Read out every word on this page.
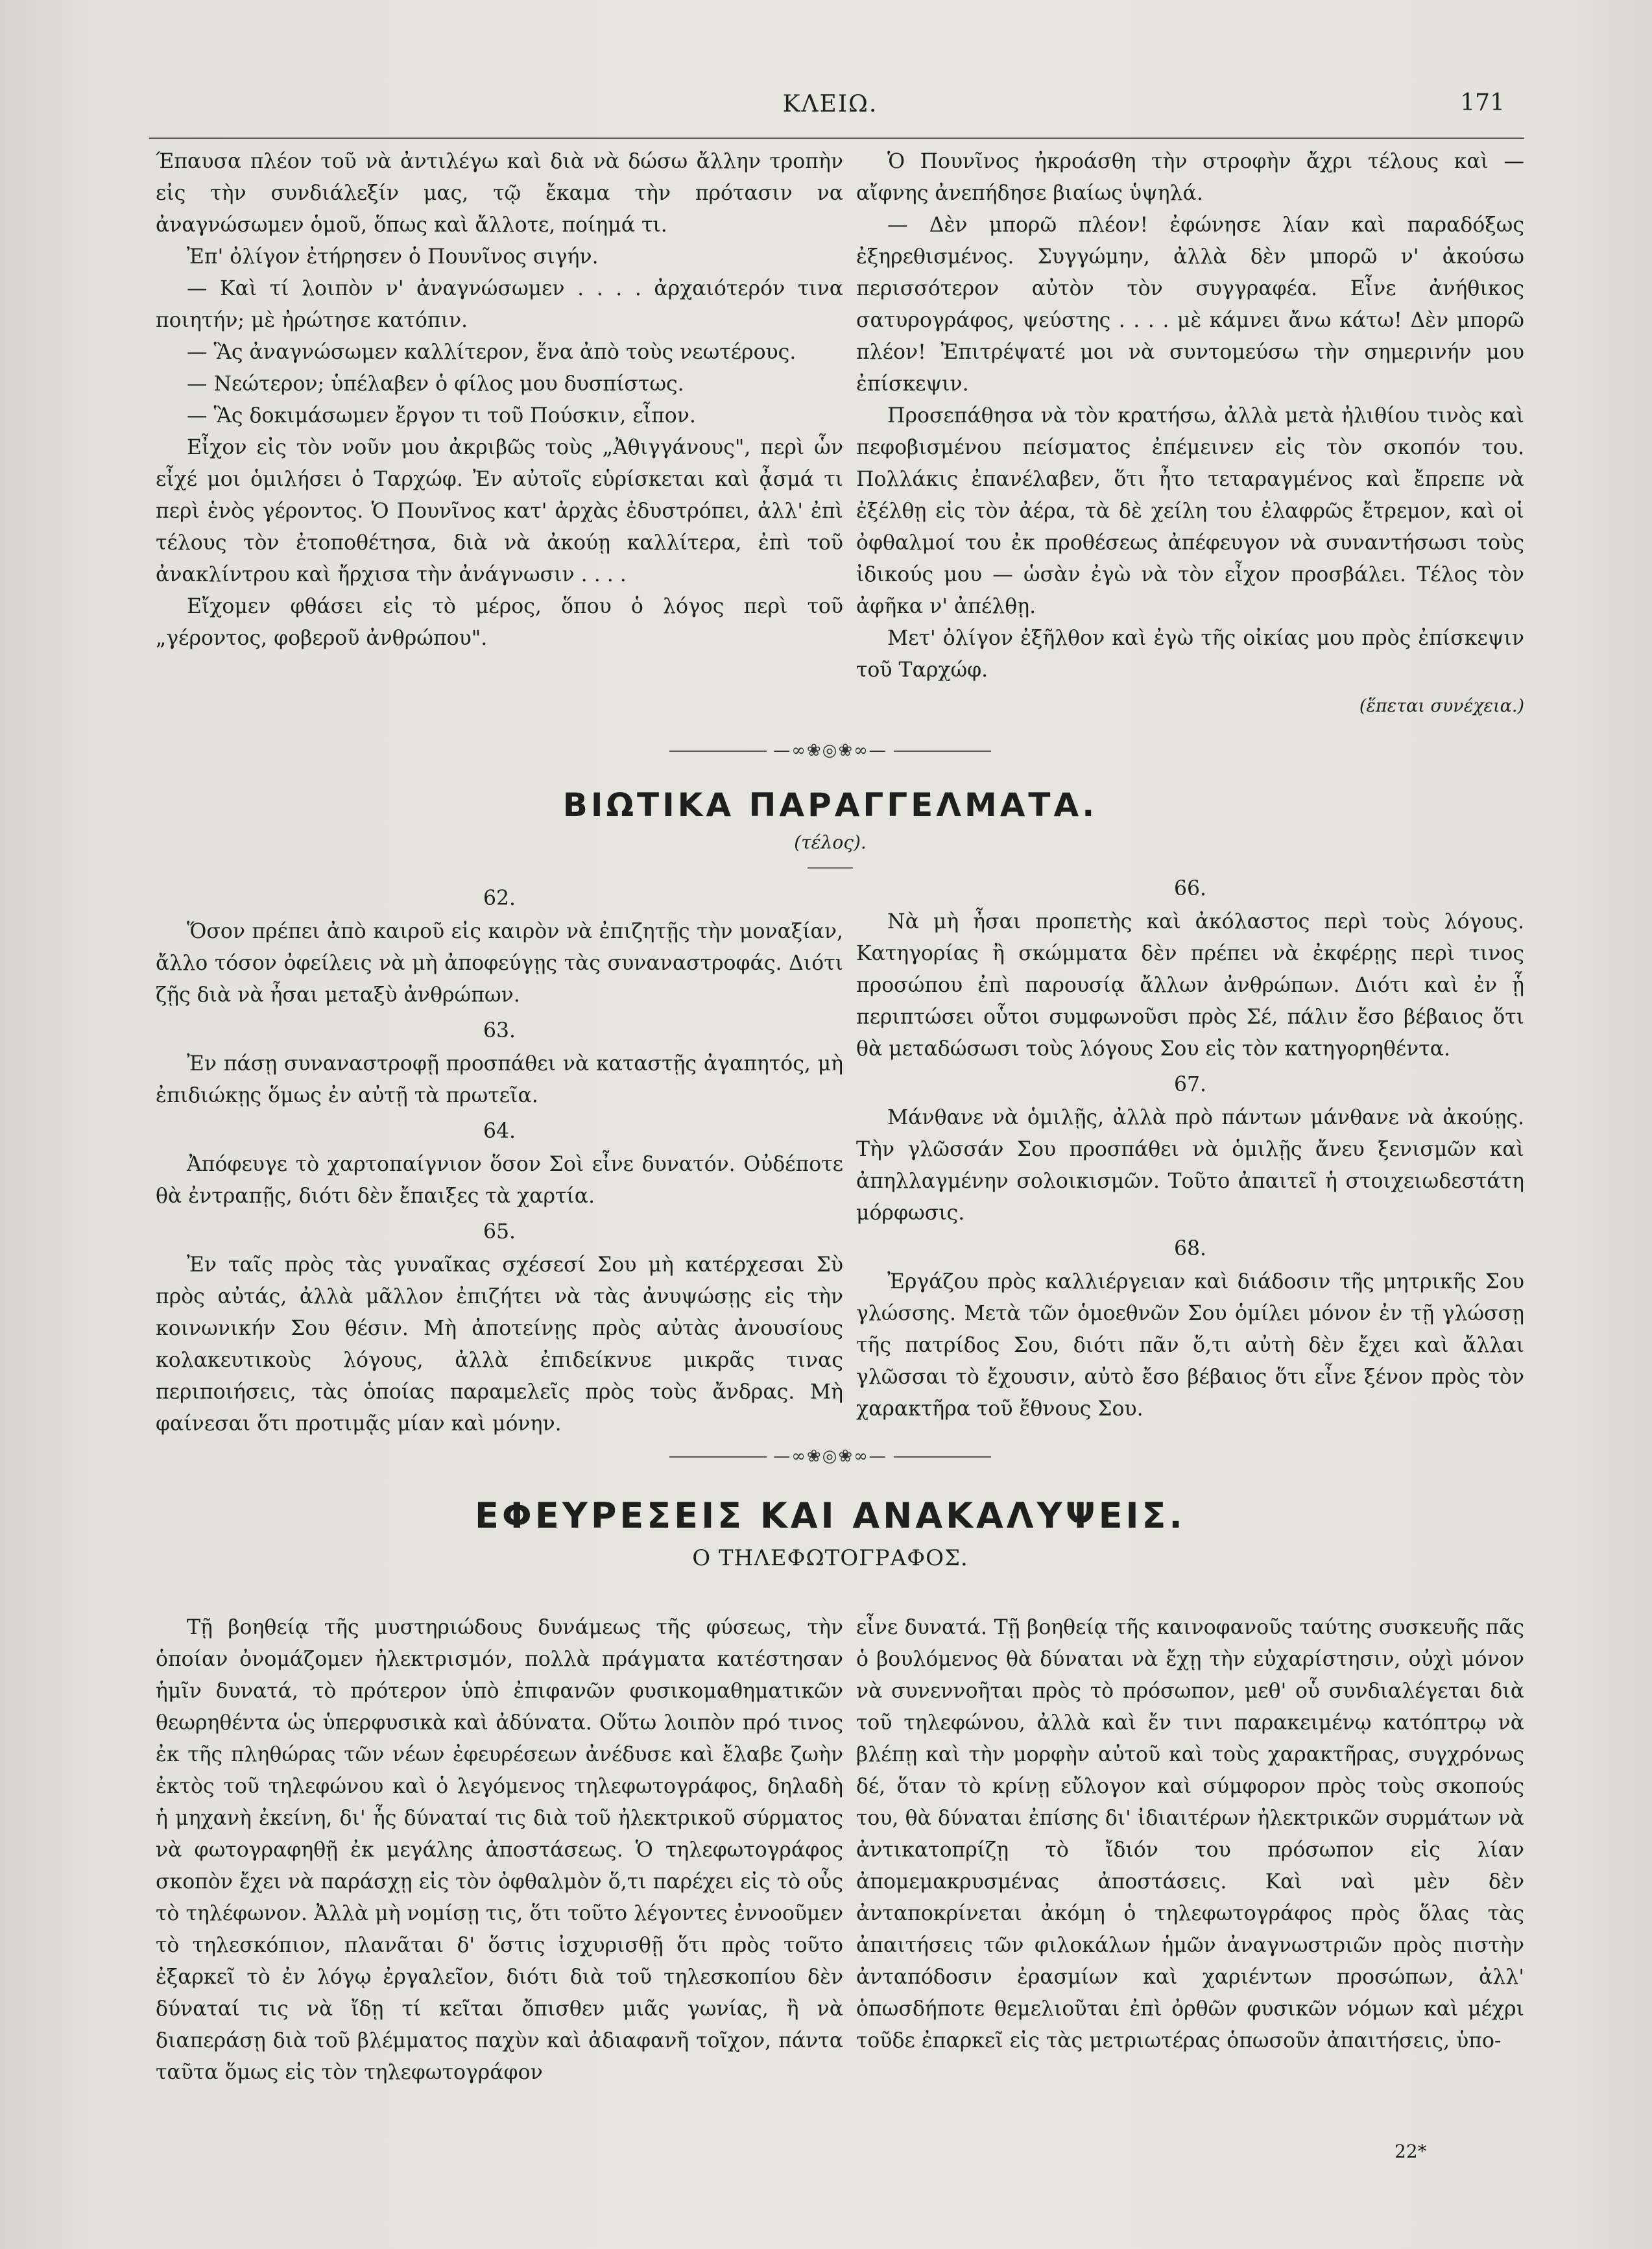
ΚΛΕΙΩ.	171

Έπαυσα πλέον τοῦ νὰ ἀντιλέγω καὶ διὰ νὰ δώσω ἄλλην τροπὴν εἰς τὴν συνδιάλεξίν μας, τῷ ἔκαμα τὴν πρότασιν να ἀναγνώσωμεν ὁμοῦ, ὅπως καὶ ἄλλοτε, ποίημά τι.

Ἐπ' ὀλίγον ἐτήρησεν ὁ Πουνῖνος σιγήν.

— Καὶ τί λοιπὸν ν' ἀναγνώσωμεν . . . . ἀρχαιότερόν τινα ποιητήν; μὲ ἠρώτησε κατόπιν.

— Ἃς ἀναγνώσωμεν καλλίτερον, ἕνα ἀπὸ τοὺς νεωτέρους.

— Νεώτερον; ὑπέλαβεν ὁ φίλος μου δυσπίστως.

— Ἃς δοκιμάσωμεν ἔργον τι τοῦ Πούσκιν, εἶπον.

Εἶχον εἰς τὸν νοῦν μου ἀκριβῶς τοὺς „Ἀθιγγάνους", περὶ ὧν εἶχέ μοι ὁμιλήσει ὁ Ταρχώφ. Ἐν αὐτοῖς εὑρίσκεται καὶ ᾆσμά τι περὶ ἑνὸς γέροντος. Ὁ Πουνῖνος κατ' ἀρχὰς ἐδυστρόπει, ἀλλ' ἐπὶ τέλους τὸν ἐτοποθέτησα, διὰ νὰ ἀκούῃ καλλίτερα, ἐπὶ τοῦ ἀνακλίντρου καὶ ἤρχισα τὴν ἀνάγνωσιν . . . .

Εἴχομεν φθάσει εἰς τὸ μέρος, ὅπου ὁ λόγος περὶ τοῦ „γέροντος, φοβεροῦ ἀνθρώπου".

Ὁ Πουνῖνος ἠκροάσθη τὴν στροφὴν ἄχρι τέλους καὶ — αἴφνης ἀνεπήδησε βιαίως ὑψηλά.

— Δὲν μπορῶ πλέον! ἐφώνησε λίαν καὶ παραδόξως ἐξηρεθισμένος. Συγγώμην, ἀλλὰ δὲν μπορῶ ν' ἀκούσω περισσότερον αὐτὸν τὸν συγγραφέα. Εἶνε ἀνήθικος σατυρογράφος, ψεύστης . . . . μὲ κάμνει ἄνω κάτω! Δὲν μπορῶ πλέον! Ἐπιτρέψατέ μοι νὰ συντομεύσω τὴν σημερινήν μου ἐπίσκεψιν.

Προσεπάθησα νὰ τὸν κρατήσω, ἀλλὰ μετὰ ἠλιθίου τινὸς καὶ πεφοβισμένου πείσματος ἐπέμεινεν εἰς τὸν σκοπόν του. Πολλάκις ἐπανέλαβεν, ὅτι ἦτο τεταραγμένος καὶ ἔπρεπε νὰ ἐξέλθῃ εἰς τὸν ἀέρα, τὰ δὲ χείλη του ἐλαφρῶς ἔτρεμον, καὶ οἱ ὀφθαλμοί του ἐκ προθέσεως ἀπέφευγον νὰ συναντήσωσι τοὺς ἰδικούς μου — ὡσὰν ἐγὼ νὰ τὸν εἶχον προσβάλει. Τέλος τὸν ἀφῆκα ν' ἀπέλθῃ.

Μετ' ὀλίγον ἐξῆλθον καὶ ἐγὼ τῆς οἰκίας μου πρὸς ἐπίσκεψιν τοῦ Ταρχώφ.

(ἕπεται συνέχεια.)

—∞❀◎❀∞—
ΒΙΩΤΙΚΑ ΠΑΡΑΓΓΕΛΜΑΤΑ.
(τέλος).

62.

Ὅσον πρέπει ἀπὸ καιροῦ εἰς καιρὸν νὰ ἐπιζητῇς τὴν μοναξίαν, ἄλλο τόσον ὀφείλεις νὰ μὴ ἀποφεύγῃς τὰς συναναστροφάς. Διότι ζῇς διὰ νὰ ἦσαι μεταξὺ ἀνθρώπων.

63.

Ἐν πάσῃ συναναστροφῇ προσπάθει νὰ καταστῇς ἀγαπητός, μὴ ἐπιδιώκῃς ὅμως ἐν αὐτῇ τὰ πρωτεῖα.

64.

Ἀπόφευγε τὸ χαρτοπαίγνιον ὅσον Σοὶ εἶνε δυνατόν. Οὐδέποτε θὰ ἐντραπῇς, διότι δὲν ἔπαιξες τὰ χαρτία.

65.

Ἐν ταῖς πρὸς τὰς γυναῖκας σχέσεσί Σου μὴ κατέρχεσαι Σὺ πρὸς αὐτάς, ἀλλὰ μᾶλλον ἐπιζήτει νὰ τὰς ἀνυψώσῃς εἰς τὴν κοινωνικήν Σου θέσιν. Μὴ ἀποτείνῃς πρὸς αὐτὰς ἀνουσίους κολακευτικοὺς λόγους, ἀλλὰ ἐπιδείκνυε μικρᾶς τινας περιποιήσεις, τὰς ὁποίας παραμελεῖς πρὸς τοὺς ἄνδρας. Μὴ φαίνεσαι ὅτι προτιμᾷς μίαν καὶ μόνην.

66.

Νὰ μὴ ἦσαι προπετὴς καὶ ἀκόλαστος περὶ τοὺς λόγους. Κατηγορίας ἢ σκώμματα δὲν πρέπει νὰ ἐκφέρῃς περὶ τινος προσώπου ἐπὶ παρουσίᾳ ἄλλων ἀνθρώπων. Διότι καὶ ἐν ᾗ περιπτώσει οὗτοι συμφωνοῦσι πρὸς Σέ, πάλιν ἔσο βέβαιος ὅτι θὰ μεταδώσωσι τοὺς λόγους Σου εἰς τὸν κατηγορηθέντα.

67.

Μάνθανε νὰ ὁμιλῇς, ἀλλὰ πρὸ πάντων μάνθανε νὰ ἀκούῃς. Τὴν γλῶσσάν Σου προσπάθει νὰ ὁμιλῇς ἄνευ ξενισμῶν καὶ ἀπηλλαγμένην σολοικισμῶν. Τοῦτο ἀπαιτεῖ ἡ στοιχειωδεστάτη μόρφωσις.

68.

Ἐργάζου πρὸς καλλιέργειαν καὶ διάδοσιν τῆς μητρικῆς Σου γλώσσης. Μετὰ τῶν ὁμοεθνῶν Σου ὁμίλει μόνον ἐν τῇ γλώσσῃ τῆς πατρίδος Σου, διότι πᾶν ὅ,τι αὐτὴ δὲν ἔχει καὶ ἄλλαι γλῶσσαι τὸ ἔχουσιν, αὐτὸ ἔσο βέβαιος ὅτι εἶνε ξένον πρὸς τὸν χαρακτῆρα τοῦ ἔθνους Σου.

—∞❀◎❀∞—
ΕΦΕΥΡΕΣΕΙΣ ΚΑΙ ΑΝΑΚΑΛΥΨΕΙΣ.
Ο ΤΗΛΕΦΩΤΟΓΡΑΦΟΣ.

Τῇ βοηθείᾳ τῆς μυστηριώδους δυνάμεως τῆς φύσεως, τὴν ὁποίαν ὀνομάζομεν ἠλεκτρισμόν, πολλὰ πράγματα κατέστησαν ἡμῖν δυνατά, τὸ πρότερον ὑπὸ ἐπιφανῶν φυσικομαθηματικῶν θεωρηθέντα ὡς ὑπερφυσικὰ καὶ ἀδύνατα. Οὕτω λοιπὸν πρό τινος ἐκ τῆς πληθώρας τῶν νέων ἐφευρέσεων ἀνέδυσε καὶ ἔλαβε ζωὴν ἐκτὸς τοῦ τηλεφώνου καὶ ὁ λεγόμενος τηλεφωτογράφος, δηλαδὴ ἡ μηχανὴ ἐκείνη, δι' ἧς δύναταί τις διὰ τοῦ ἠλεκτρικοῦ σύρματος νὰ φωτογραφηθῇ ἐκ μεγάλης ἀποστάσεως. Ὁ τηλεφωτογράφος σκοπὸν ἔχει νὰ παράσχῃ εἰς τὸν ὀφθαλμὸν ὅ,τι παρέχει εἰς τὸ οὖς τὸ τηλέφωνον. Ἀλλὰ μὴ νομίσῃ τις, ὅτι τοῦτο λέγοντες ἐννοοῦμεν τὸ τηλεσκόπιον, πλανᾶται δ' ὅστις ἰσχυρισθῇ ὅτι πρὸς τοῦτο ἐξαρκεῖ τὸ ἐν λόγῳ ἐργαλεῖον, διότι διὰ τοῦ τηλεσκοπίου δὲν δύναταί τις νὰ ἴδῃ τί κεῖται ὄπισθεν μιᾶς γωνίας, ἢ νὰ διαπεράσῃ διὰ τοῦ βλέμματος παχὺν καὶ ἀδιαφανῆ τοῖχον, πάντα ταῦτα ὅμως εἰς τὸν τηλεφωτογράφον

εἶνε δυνατά. Τῇ βοηθείᾳ τῆς καινοφανοῦς ταύτης συσκευῆς πᾶς ὁ βουλόμενος θὰ δύναται νὰ ἔχῃ τὴν εὐχαρίστησιν, οὐχὶ μόνον νὰ συνεννοῆται πρὸς τὸ πρόσωπον, μεθ' οὗ συνδιαλέγεται διὰ τοῦ τηλεφώνου, ἀλλὰ καὶ ἔν τινι παρακειμένῳ κατόπτρῳ νὰ βλέπῃ καὶ τὴν μορφὴν αὐτοῦ καὶ τοὺς χαρακτῆρας, συγχρόνως δέ, ὅταν τὸ κρίνῃ εὔλογον καὶ σύμφορον πρὸς τοὺς σκοπούς του, θὰ δύναται ἐπίσης δι' ἰδιαιτέρων ἠλεκτρικῶν συρμάτων νὰ ἀντικατοπρίζῃ τὸ ἴδιόν του πρόσωπον εἰς λίαν ἀπομεμακρυσμένας ἀποστάσεις. Καὶ ναὶ μὲν δὲν ἀνταποκρίνεται ἀκόμη ὁ τηλεφωτογράφος πρὸς ὅλας τὰς ἀπαιτήσεις τῶν φιλοκάλων ἡμῶν ἀναγνωστριῶν πρὸς πιστὴν ἀνταπόδοσιν ἐρασμίων καὶ χαριέντων προσώπων, ἀλλ' ὁπωσδήποτε θεμελιοῦται ἐπὶ ὀρθῶν φυσικῶν νόμων καὶ μέχρι τοῦδε ἐπαρκεῖ εἰς τὰς μετριωτέρας ὁπωσοῦν ἀπαιτήσεις, ὑπο-

22*
